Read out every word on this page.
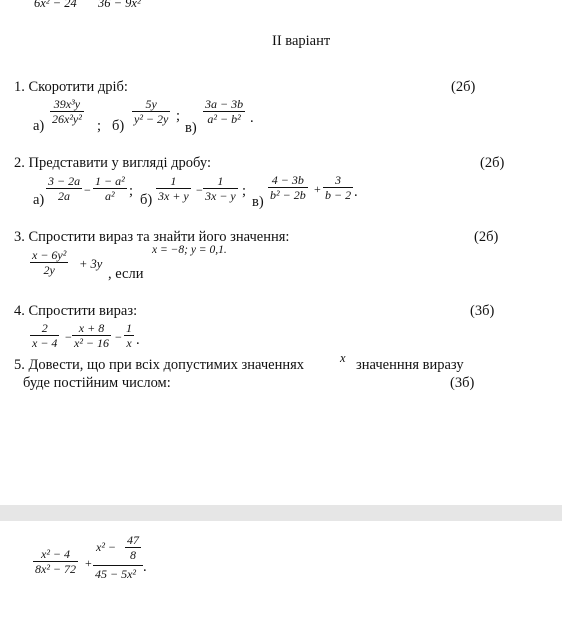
6x² − 24 36 − 9x²
II варіант
1. Скоротити дріб:	(2б)
$а) \frac{\text{39x³y}}{\text{26x²y²}}$ ; $б) \frac{5y}{\text{y² − 2y}}$ ;
в)
$\frac{3a - 3b}{\text{a² − b²}}$ .
2. Представити у вигляді дробу:	(2б)
$а) \frac{3 - 2a}{2a} - \frac{\text{1 − a²}}{\text{a²}}$ ;
$б) \frac{1}{3x + y} - \frac{1}{3x - y}$ ;
$в) \frac{4 - 3b}{\text{b² − 2b}} + \frac{3}{b - 2}$ .
3. Спростити вираз та знайти його значення:	(2б)
$\frac{\text{x − 6y²}}{2y} + 3y$
x = −8; y = 0,1.
, если
4. Спростити вираз:	(3б)
$\frac{2}{x - 4} - \frac{x + 8}{\text{x² − 16}} - \frac{1}{x}$ .
5. Довести, що при всіх допустимих значеннях	x значенння виразу
буде постійним числом:	(3б)
$\frac{\text{x² − 4}}{\text{8x² − 72}}$ +
$x^2 - \frac{47}{8}$
45 − 5x² .
